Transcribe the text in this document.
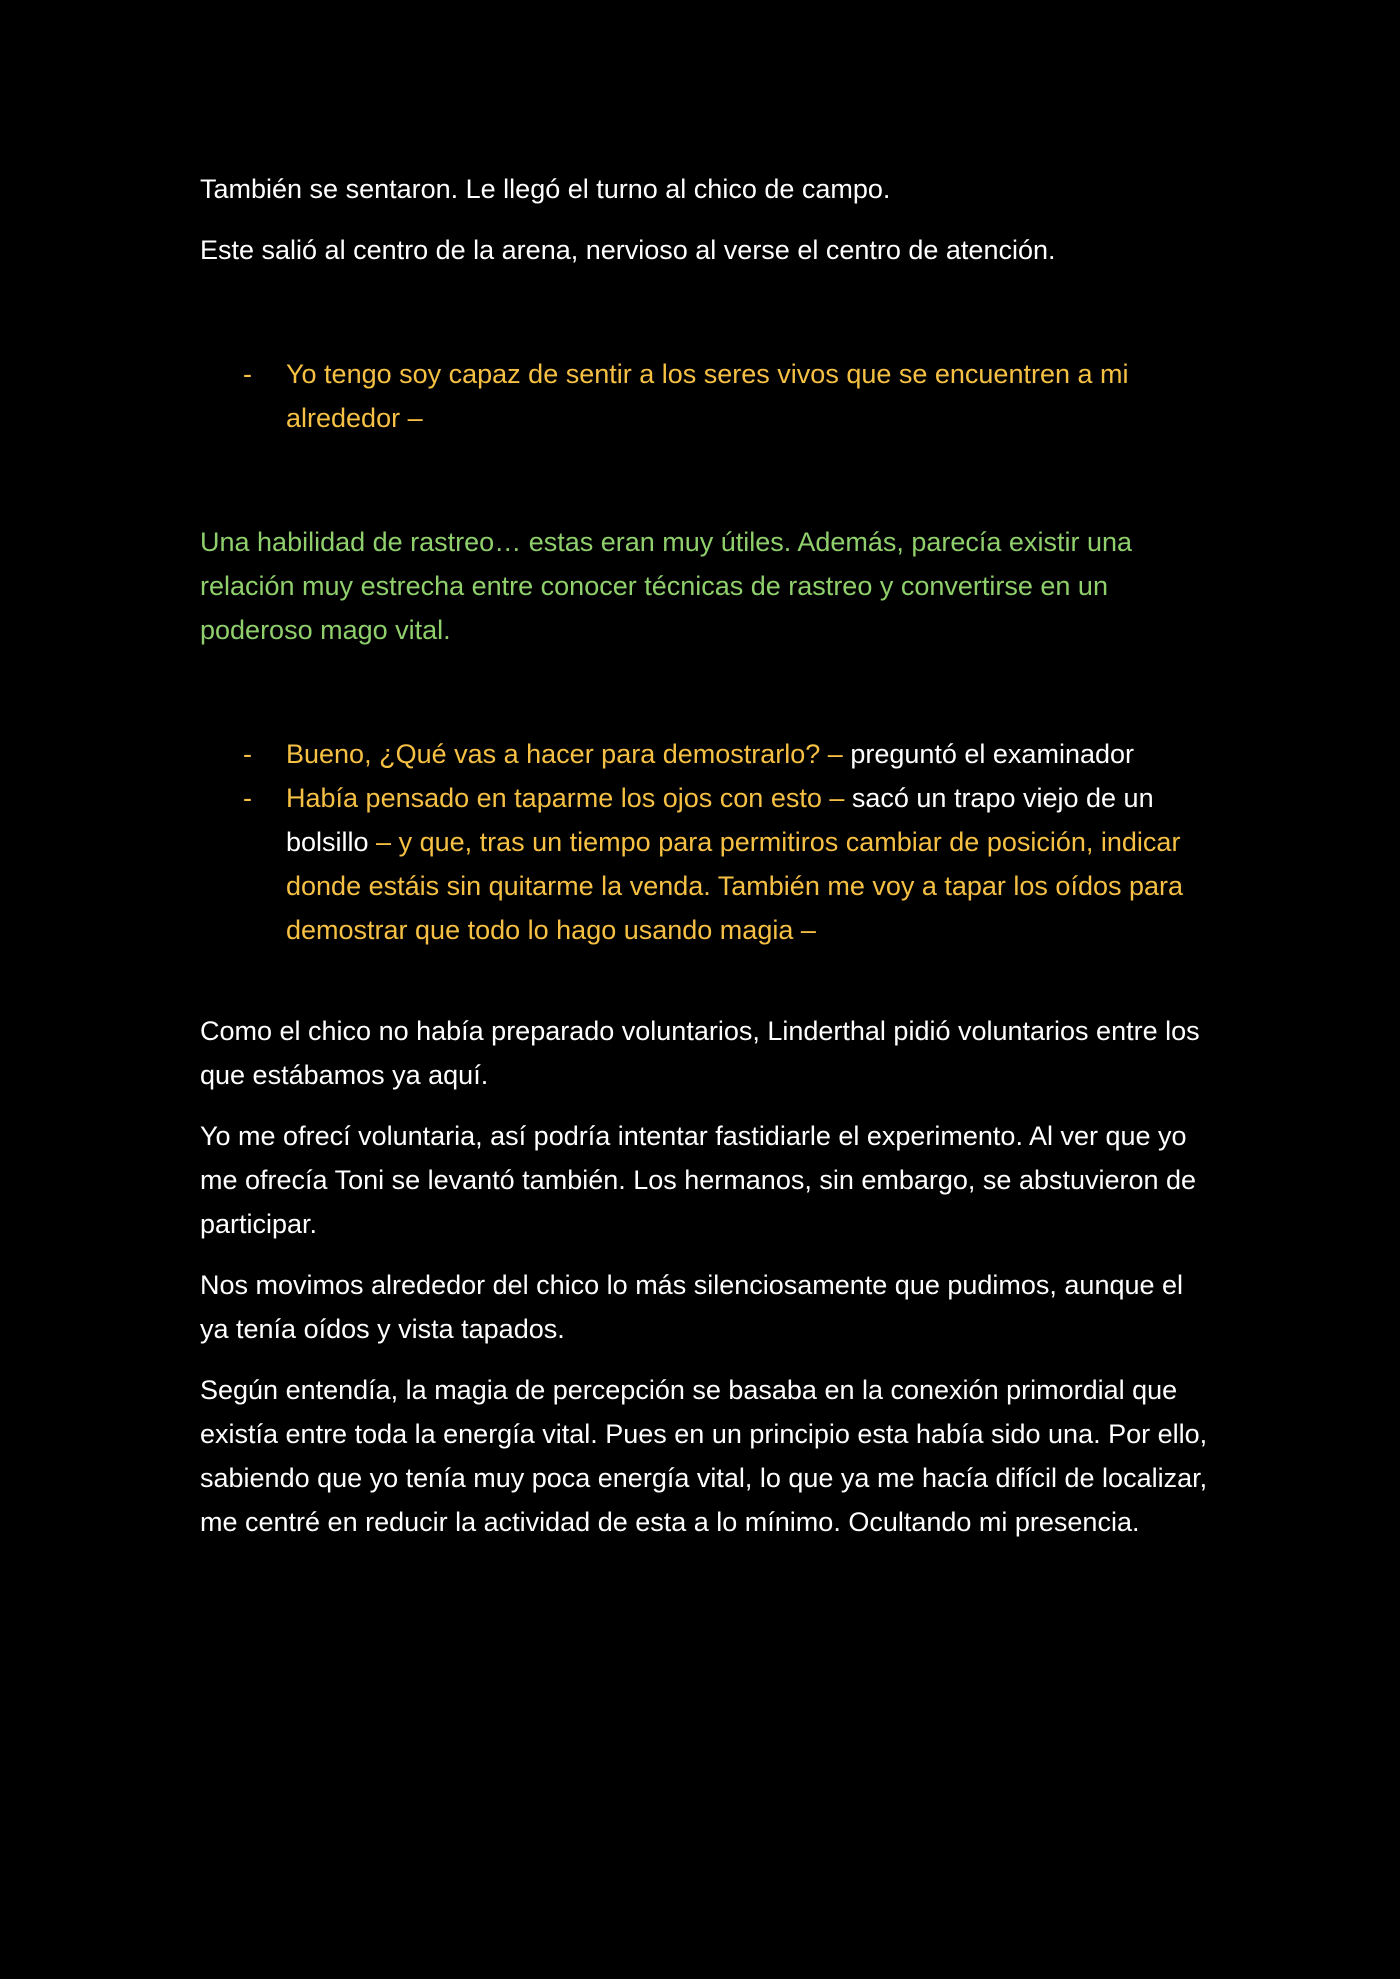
También se sentaron. Le llegó el turno al chico de campo.

Este salió al centro de la arena, nervioso al verse el centro de atención.

- Yo tengo soy capaz de sentir a los seres vivos que se encuentren a mi alrededor –

Una habilidad de rastreo… estas eran muy útiles. Además, parecía existir una relación muy estrecha entre conocer técnicas de rastreo y convertirse en un poderoso mago vital.

- Bueno, ¿Qué vas a hacer para demostrarlo? – preguntó el examinador

- Había pensado en taparme los ojos con esto – sacó un trapo viejo de un bolsillo – y que, tras un tiempo para permitiros cambiar de posición, indicar donde estáis sin quitarme la venda. También me voy a tapar los oídos para demostrar que todo lo hago usando magia –

Como el chico no había preparado voluntarios, Linderthal pidió voluntarios entre los que estábamos ya aquí.

Yo me ofrecí voluntaria, así podría intentar fastidiarle el experimento. Al ver que yo me ofrecía Toni se levantó también. Los hermanos, sin embargo, se abstuvieron de participar.

Nos movimos alrededor del chico lo más silenciosamente que pudimos, aunque el ya tenía oídos y vista tapados.

Según entendía, la magia de percepción se basaba en la conexión primordial que existía entre toda la energía vital. Pues en un principio esta había sido una. Por ello, sabiendo que yo tenía muy poca energía vital, lo que ya me hacía difícil de localizar, me centré en reducir la actividad de esta a lo mínimo. Ocultando mi presencia.
